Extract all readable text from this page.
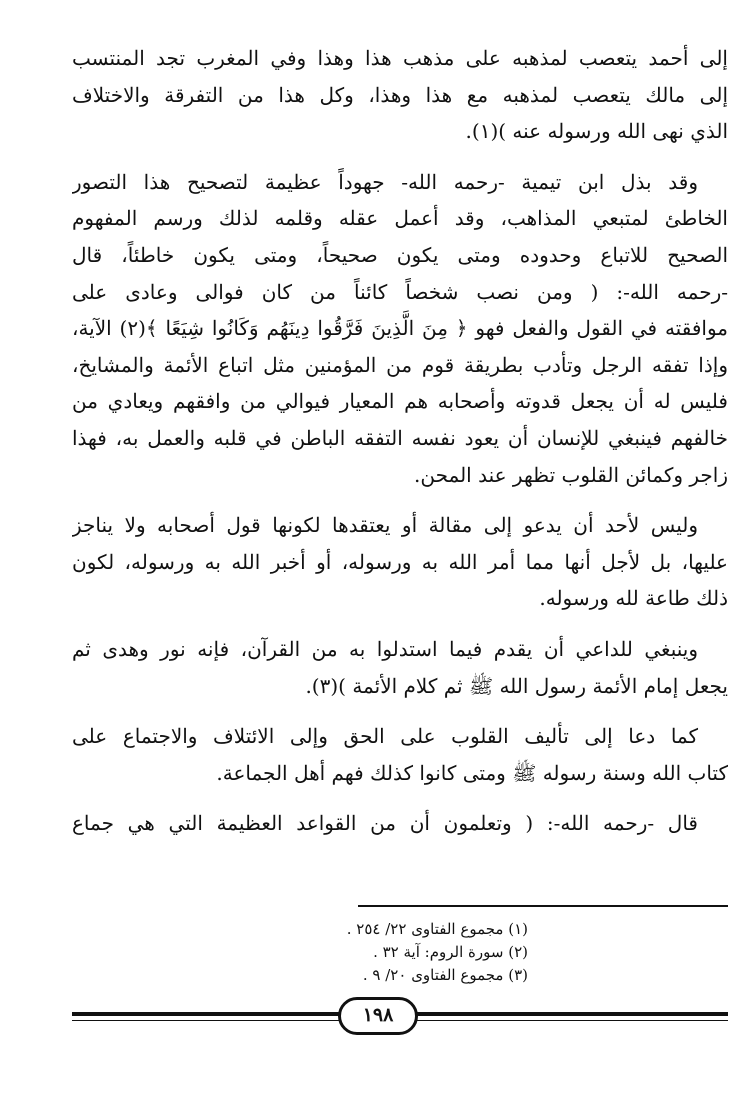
إلى أحمد يتعصب لمذهبه على مذهب هذا وهذا وفي المغرب تجد المنتسب
إلى مالك يتعصب لمذهبه مع هذا وهذا، وكل هذا من التفرقة والاختلاف
الذي نهى الله ورسوله عنه )(١).
وقد بذل ابن تيمية -رحمه الله- جهوداً عظيمة لتصحيح هذا التصور
الخاطئ لمتبعي المذاهب، وقد أعمل عقله وقلمه لذلك ورسم المفهوم
الصحيح للاتباع وحدوده ومتى يكون صحيحاً، ومتى يكون خاطئاً، قال
-رحمه الله-: ( ومن نصب شخصاً كائناً من كان فوالى وعادى على
موافقته في القول والفعل فهو ﴿ مِنَ الَّذِينَ فَرَّقُوا دِينَهُم وَكَانُوا شِيَعًا ﴾(٢) الآية،
وإذا تفقه الرجل وتأدب بطريقة قوم من المؤمنين مثل اتباع الأئمة والمشايخ،
فليس له أن يجعل قدوته وأصحابه هم المعيار فيوالي من وافقهم ويعادي من
خالفهم فينبغي للإنسان أن يعود نفسه التفقه الباطن في قلبه والعمل به، فهذا
زاجر وكمائن القلوب تظهر عند المحن.
وليس لأحد أن يدعو إلى مقالة أو يعتقدها لكونها قول أصحابه ولا يناجز
عليها، بل لأجل أنها مما أمر الله به ورسوله، أو أخبر الله به ورسوله، لكون
ذلك طاعة لله ورسوله.
وينبغي للداعي أن يقدم فيما استدلوا به من القرآن، فإنه نور وهدى ثم
يجعل إمام الأئمة رسول الله ﷺ ثم كلام الأئمة )(٣).
كما دعا إلى تأليف القلوب على الحق وإلى الائتلاف والاجتماع على
كتاب الله وسنة رسوله ﷺ ومتى كانوا كذلك فهم أهل الجماعة.
قال -رحمه الله-: ( وتعلمون أن من القواعد العظيمة التي هي جماع
(١) مجموع الفتاوى ٢٢/ ٢٥٤ .
(٢) سورة الروم: آية ٣٢ .
(٣) مجموع الفتاوى ٢٠/ ٩ .
١٩٨
